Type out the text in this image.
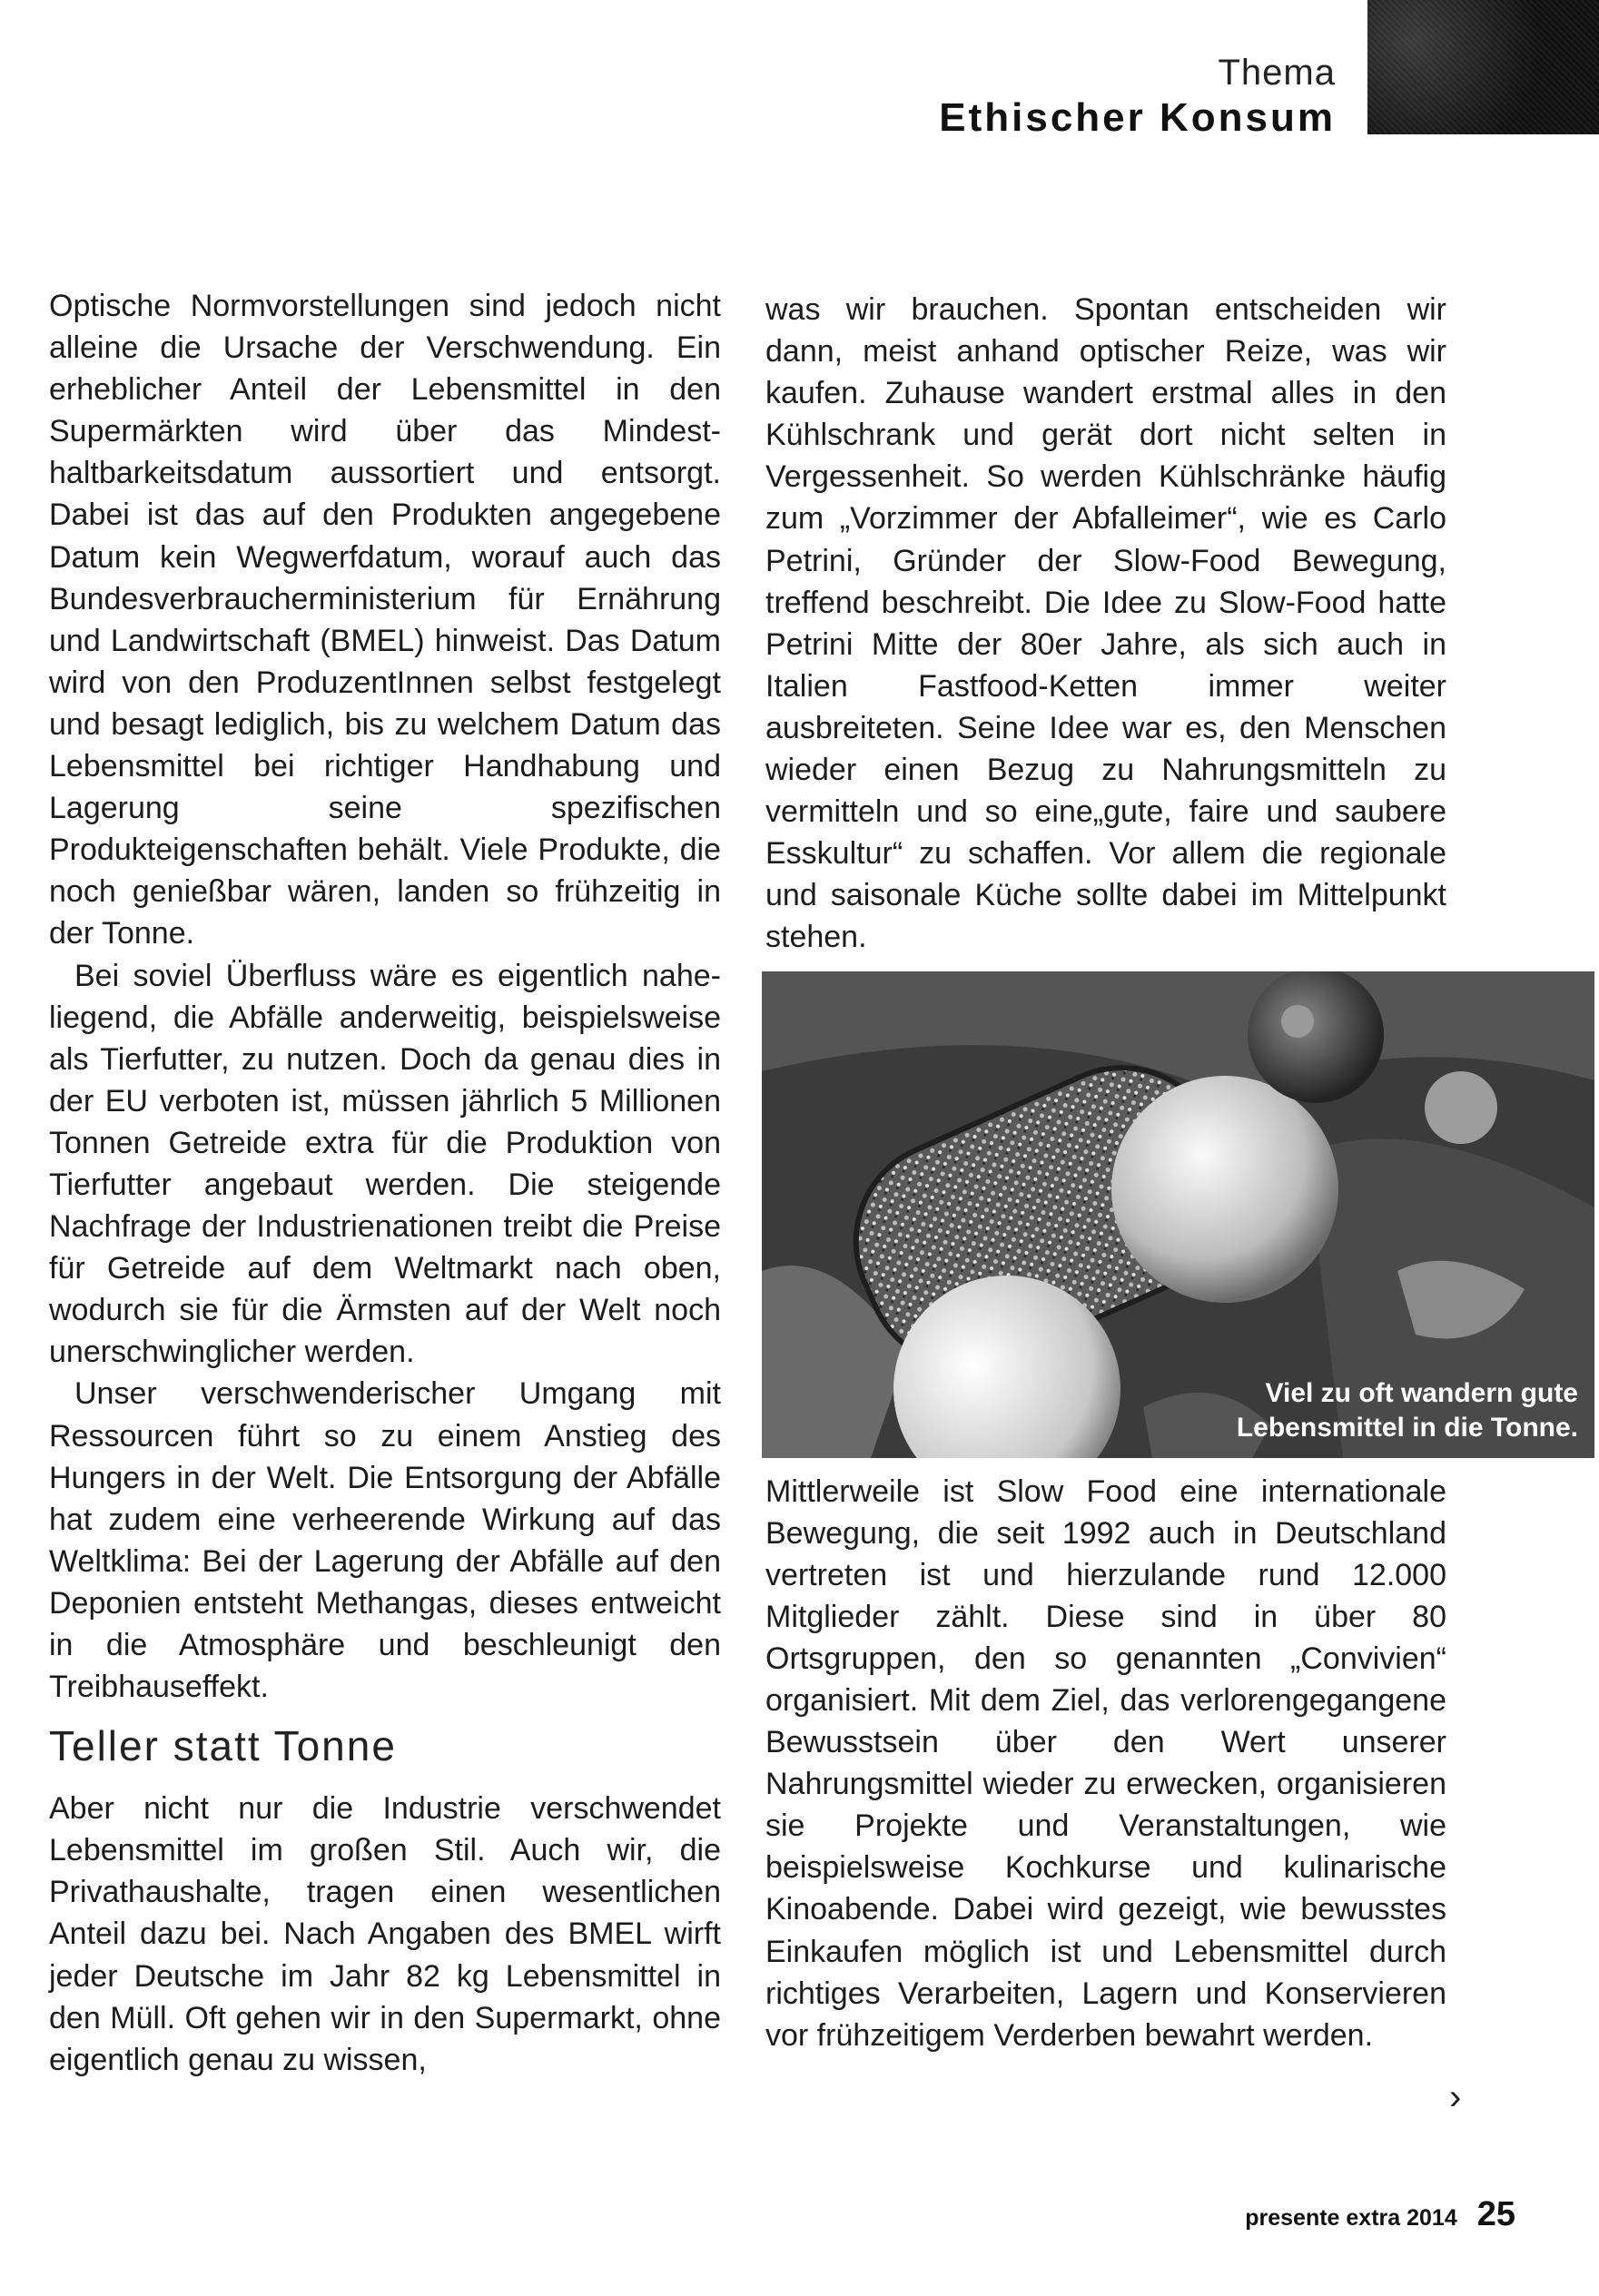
Thema
Ethischer Konsum

Optische Normvorstellungen sind jedoch nicht alleine die Ursache der Verschwendung. Ein erheblicher Anteil der Lebensmittel in den Supermärkten wird über das Mindesthaltbarkeitsdatum aussortiert und entsorgt. Dabei ist das auf den Produkten angegebene Datum kein Wegwerfdatum, worauf auch das Bundesverbraucherministerium für Ernährung und Landwirtschaft (BMEL) hinweist. Das Datum wird von den ProduzentInnen selbst festgelegt und besagt lediglich, bis zu welchem Datum das Lebensmittel bei richtiger Handhabung und Lagerung seine spezifischen Produkteigenschaften behält. Viele Produkte, die noch genießbar wären, landen so frühzeitig in der Tonne.

Bei soviel Überfluss wäre es eigentlich naheliegend, die Abfälle anderweitig, beispielsweise als Tierfutter, zu nutzen. Doch da genau dies in der EU verboten ist, müssen jährlich 5 Millionen Tonnen Getreide extra für die Produktion von Tierfutter angebaut werden. Die steigende Nachfrage der Industrienationen treibt die Preise für Getreide auf dem Weltmarkt nach oben, wodurch sie für die Ärmsten auf der Welt noch unerschwinglicher werden.

Unser verschwenderischer Umgang mit Ressourcen führt so zu einem Anstieg des Hungers in der Welt. Die Entsorgung der Abfälle hat zudem eine verheerende Wirkung auf das Weltklima: Bei der Lagerung der Abfälle auf den Deponien entsteht Methangas, dieses entweicht in die Atmosphäre und beschleunigt den Treibhauseffekt.

Teller statt Tonne

Aber nicht nur die Industrie verschwendet Lebensmittel im großen Stil. Auch wir, die Privathaushalte, tragen einen wesentlichen Anteil dazu bei. Nach Angaben des BMEL wirft jeder Deutsche im Jahr 82 kg Lebensmittel in den Müll. Oft gehen wir in den Supermarkt, ohne eigentlich genau zu wissen,

was wir brauchen. Spontan entscheiden wir dann, meist anhand optischer Reize, was wir kaufen. Zuhause wandert erstmal alles in den Kühlschrank und gerät dort nicht selten in Vergessenheit. So werden Kühlschränke häufig zum „Vorzimmer der Abfalleimer“, wie es Carlo Petrini, Gründer der Slow-Food Bewegung, treffend beschreibt. Die Idee zu Slow-Food hatte Petrini Mitte der 80er Jahre, als sich auch in Italien Fastfood-Ketten immer weiter ausbreiteten. Seine Idee war es, den Menschen wieder einen Bezug zu Nahrungsmitteln zu vermitteln und so eine„gute, faire und saubere Esskultur“ zu schaffen. Vor allem die regionale und saisonale Küche sollte dabei im Mittelpunkt stehen.

Viel zu oft wandern gute
Lebensmittel in die Tonne.

Mittlerweile ist Slow Food eine internationale Bewegung, die seit 1992 auch in Deutschland vertreten ist und hierzulande rund 12.000 Mitglieder zählt. Diese sind in über 80 Ortsgruppen, den so genannten „Convivien“ organisiert. Mit dem Ziel, das verlorengegangene Bewusstsein über den Wert unserer Nahrungsmittel wieder zu erwecken, organisieren sie Projekte und Veranstaltungen, wie beispielsweise Kochkurse und kulinarische Kinoabende. Dabei wird gezeigt, wie bewusstes Einkaufen möglich ist und Lebensmittel durch richtiges Verarbeiten, Lagern und Konservieren vor frühzeitigem Verderben bewahrt werden.

›
presente extra 2014 25
